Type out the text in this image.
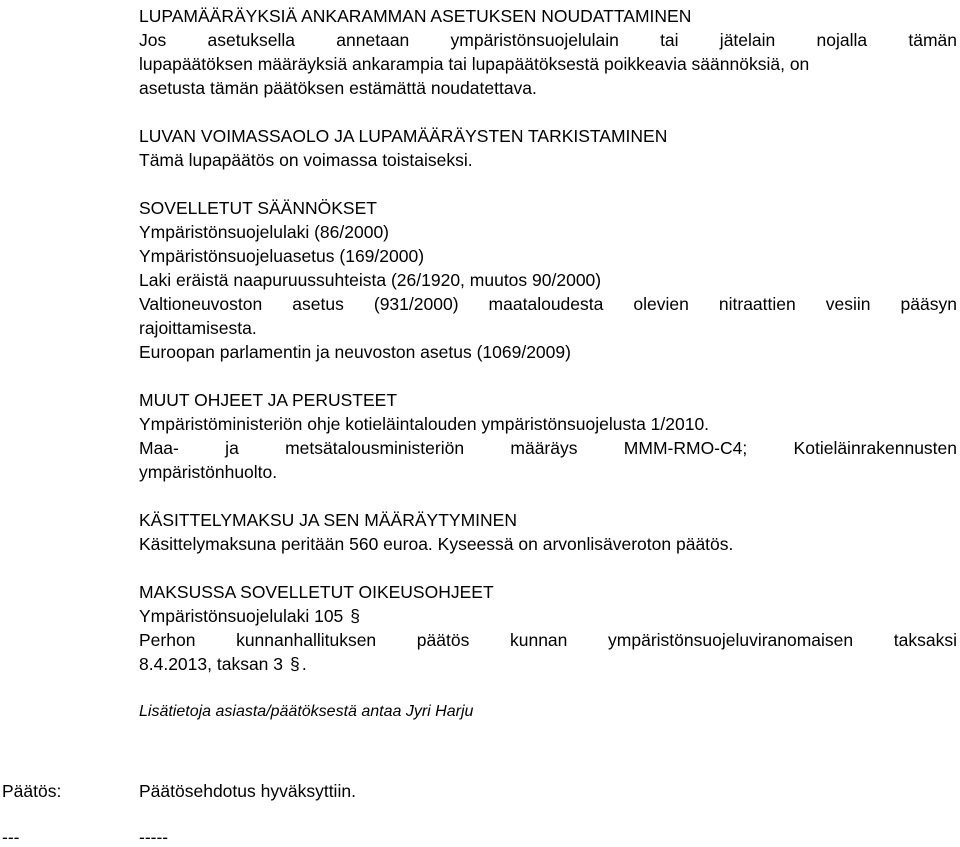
LUPAMÄÄRÄYKSIÄ ANKARAMMAN ASETUKSEN NOUDATTAMINEN
Jos asetuksella annetaan ympäristönsuojelulain tai jätelain nojalla tämän
lupapäätöksen määräyksiä ankarampia tai lupapäätöksestä poikkeavia säännöksiä, on
asetusta tämän päätöksen estämättä noudatettava.
LUVAN VOIMASSAOLO JA LUPAMÄÄRÄYSTEN TARKISTAMINEN
Tämä lupapäätös on voimassa toistaiseksi.
SOVELLETUT SÄÄNNÖKSET
Ympäristönsuojelulaki (86/2000)
Ympäristönsuojeluasetus (169/2000)
Laki eräistä naapuruussuhteista (26/1920, muutos 90/2000)
Valtioneuvoston asetus (931/2000) maataloudesta olevien nitraattien vesiin pääsyn
rajoittamisesta.
Euroopan parlamentin ja neuvoston asetus (1069/2009)
MUUT OHJEET JA PERUSTEET
Ympäristöministeriön ohje kotieläintalouden ympäristönsuojelusta 1/2010.
Maa- ja metsätalousministeriön määräys MMM-RMO-C4; Kotieläinrakennusten
ympäristönhuolto.
KÄSITTELYMAKSU JA SEN MÄÄRÄYTYMINEN
Käsittelymaksuna peritään 560 euroa. Kyseessä on arvonlisäveroton päätös.
MAKSUSSA SOVELLETUT OIKEUSOHJEET
Ympäristönsuojelulaki 105 §
Perhon kunnanhallituksen päätös kunnan ympäristönsuojeluviranomaisen taksaksi
8.4.2013, taksan 3 § .
Lisätietoja asiasta/päätöksestä antaa Jyri Harju
Päätös:	Päätösehdotus hyväksyttiin.
---	-----
